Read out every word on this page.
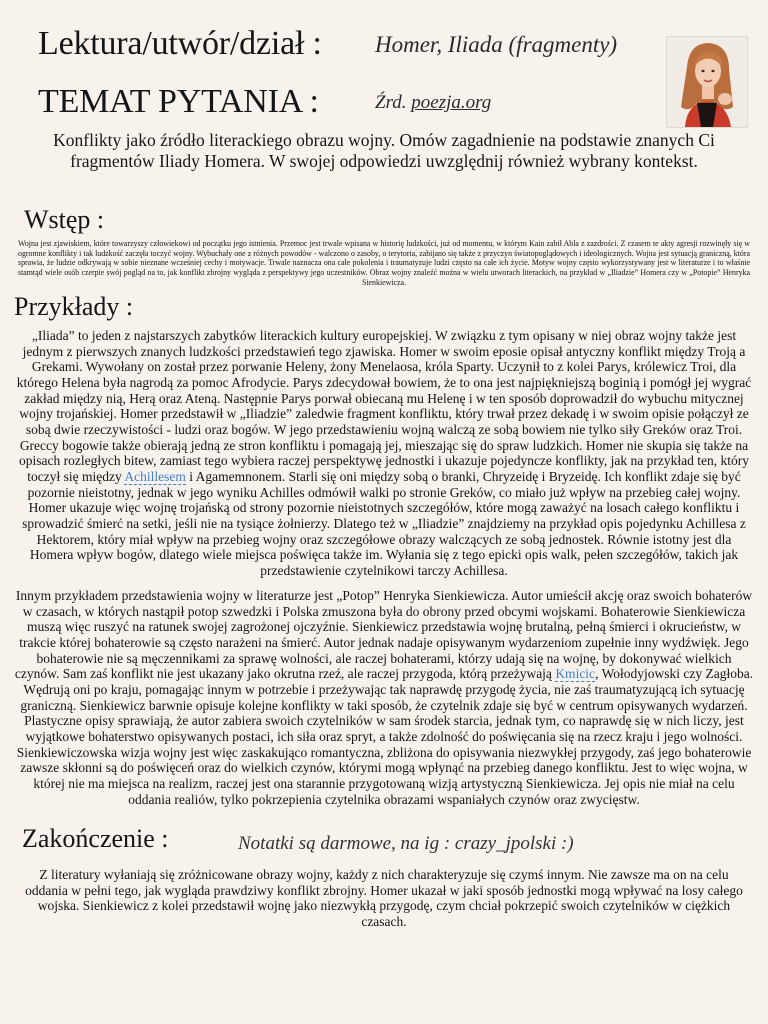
Lektura/utwór/dział : Homer, Iliada (fragmenty)
TEMAT PYTANIA :	Źrd. poezja.org
Konflikty jako źródło literackiego obrazu wojny. Omów zagadnienie na podstawie znanych Ci fragmentów Iliady Homera. W swojej odpowiedzi uwzględnij również wybrany kontekst.
Wstęp :
Wojna jest zjawiskiem, które towarzyszy człowiekowi od początku jego istnienia. Przemoc jest trwale wpisana w historię ludzkości, już od momentu, w którym Kain zabił Abla z zazdrości. Z czasem te akty agresji rozwinęły się w ogromne konflikty i tak ludzkość zaczęła toczyć wojny. Wybuchały one z różnych powodów - walczono o zasoby, o terytoria, zabijano się także z przyczyn światopoglądowych i ideologicznych. Wojna jest sytuacją graniczną, która sprawia, że ludzie odkrywają w sobie nieznane wcześniej cechy i motywacje. Trwale naznacza ona całe pokolenia i traumatyzuje ludzi często na całe ich życie. Motyw wojny często wykorzystywany jest w literaturze i to właśnie stamtąd wiele osób czerpie swój pogląd na to, jak konflikt zbrojny wygląda z perspektywy jego uczestników. Obraz wojny znaleźć można w wielu utworach literackich, na przykład w „Iliadzie” Homera czy w „Potopie” Henryka Sienkiewicza.
Przykłady :
„Iliada” to jeden z najstarszych zabytków literackich kultury europejskiej. W związku z tym opisany w niej obraz wojny także jest jednym z pierwszych znanych ludzkości przedstawień tego zjawiska. Homer w swoim eposie opisał antyczny konflikt między Troją a Grekami. Wywołany on został przez porwanie Heleny, żony Menelaosa, króla Sparty. Uczynił to z kolei Parys, królewicz Troi, dla którego Helena była nagrodą za pomoc Afrodycie. Parys zdecydował bowiem, że to ona jest najpiękniejszą boginią i pomógł jej wygrać zakład między nią, Herą oraz Ateną. Następnie Parys porwał obiecaną mu Helenę i w ten sposób doprowadził do wybuchu mitycznej wojny trojańskiej. Homer przedstawił w „Iliadzie” zaledwie fragment konfliktu, który trwał przez dekadę i w swoim opisie połączył ze sobą dwie rzeczywistości - ludzi oraz bogów. W jego przedstawieniu wojną walczą ze sobą bowiem nie tylko siły Greków oraz Troi. Greccy bogowie także obierają jedną ze stron konfliktu i pomagają jej, mieszając się do spraw ludzkich. Homer nie skupia się także na opisach rozległych bitew, zamiast tego wybiera raczej perspektywę jednostki i ukazuje pojedyncze konflikty, jak na przykład ten, który toczył się między Achillesem i Agamemnonem. Starli się oni między sobą o branki, Chryzeidę i Bryzeidę. Ich konflikt zdaje się być pozornie nieistotny, jednak w jego wyniku Achilles odmówił walki po stronie Greków, co miało już wpływ na przebieg całej wojny. Homer ukazuje więc wojnę trojańską od strony pozornie nieistotnych szczegółów, które mogą zaważyć na losach całego konfliktu i sprowadzić śmierć na setki, jeśli nie na tysiące żołnierzy. Dlatego też w „Iliadzie” znajdziemy na przykład opis pojedynku Achillesa z Hektorem, który miał wpływ na przebieg wojny oraz szczegółowe obrazy walczących ze sobą jednostek. Równie istotny jest dla Homera wpływ bogów, dlatego wiele miejsca poświęca także im. Wyłania się z tego epicki opis walk, pełen szczegółów, takich jak przedstawienie czytelnikowi tarczy Achillesa.
Innym przykładem przedstawienia wojny w literaturze jest „Potop” Henryka Sienkiewicza. Autor umieścił akcję oraz swoich bohaterów w czasach, w których nastąpił potop szwedzki i Polska zmuszona była do obrony przed obcymi wojskami. Bohaterowie Sienkiewicza muszą więc ruszyć na ratunek swojej zagrożonej ojczyźnie. Sienkiewicz przedstawia wojnę brutalną, pełną śmierci i okrucieństw, w trakcie której bohaterowie są często narażeni na śmierć. Autor jednak nadaje opisywanym wydarzeniom zupełnie inny wydźwięk. Jego bohaterowie nie są męczennikami za sprawę wolności, ale raczej bohaterami, którzy udają się na wojnę, by dokonywać wielkich czynów. Sam zaś konflikt nie jest ukazany jako okrutna rzeź, ale raczej przygoda, którą przeżywają Kmicic, Wołodyjowski czy Zagłoba. Wędrują oni po kraju, pomagając innym w potrzebie i przeżywając tak naprawdę przygodę życia, nie zaś traumatyzującą ich sytuację graniczną. Sienkiewicz barwnie opisuje kolejne konflikty w taki sposób, że czytelnik zdaje się być w centrum opisywanych wydarzeń. Plastyczne opisy sprawiają, że autor zabiera swoich czytelników w sam środek starcia, jednak tym, co naprawdę się w nich liczy, jest wyjątkowe bohaterstwo opisywanych postaci, ich siła oraz spryt, a także zdolność do poświęcania się na rzecz kraju i jego wolności. Sienkiewiczowska wizja wojny jest więc zaskakująco romantyczna, zbliżona do opisywania niezwykłej przygody, zaś jego bohaterowie zawsze skłonni są do poświęceń oraz do wielkich czynów, którymi mogą wpłynąć na przebieg danego konfliktu. Jest to więc wojna, w której nie ma miejsca na realizm, raczej jest ona starannie przygotowaną wizją artystyczną Sienkiewicza. Jej opis nie miał na celu oddania realiów, tylko pokrzepienia czytelnika obrazami wspaniałych czynów oraz zwycięstw.
Zakończenie :	Notatki są darmowe, na ig : crazy_jpolski :)
Z literatury wyłaniają się zróżnicowane obrazy wojny, każdy z nich charakteryzuje się czymś innym. Nie zawsze ma on na celu oddania w pełni tego, jak wygląda prawdziwy konflikt zbrojny. Homer ukazał w jaki sposób jednostki mogą wpływać na losy całego wojska. Sienkiewicz z kolei przedstawił wojnę jako niezwykłą przygodę, czym chciał pokrzepić swoich czytelników w ciężkich czasach.
